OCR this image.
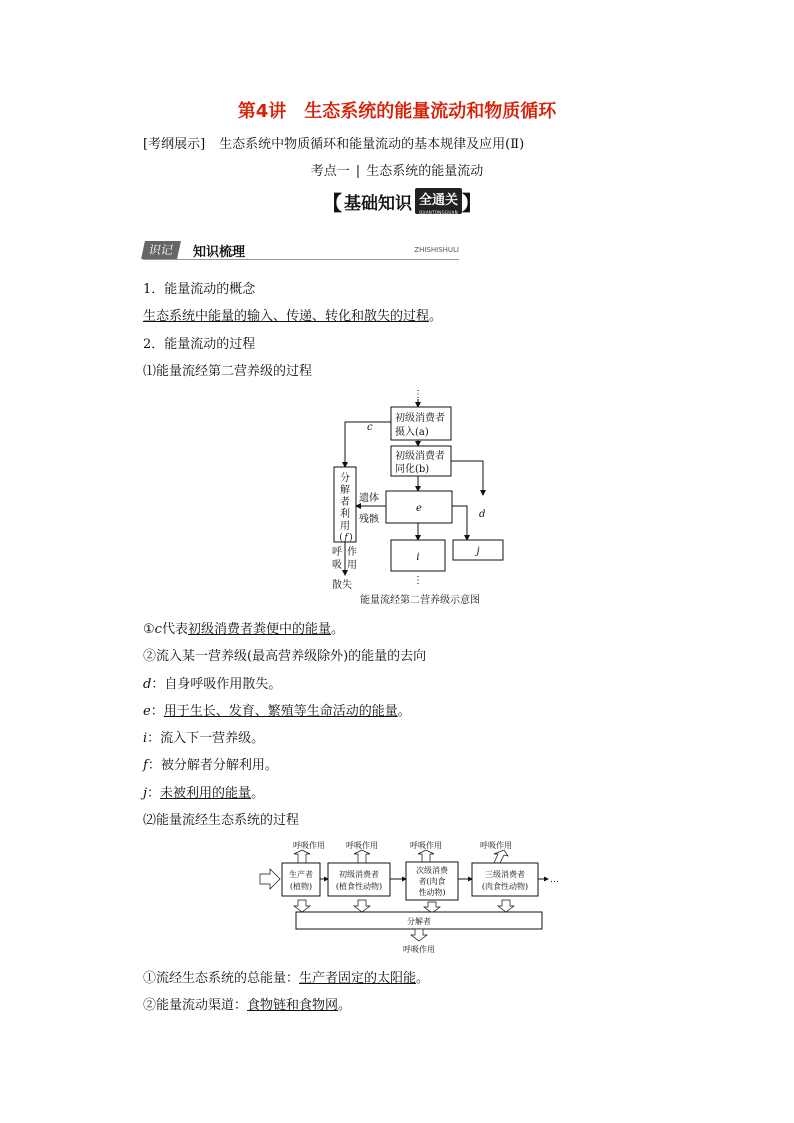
第4讲　生态系统的能量流动和物质循环
[考纲展示] 生态系统中物质循环和能量流动的基本规律及应用(Ⅱ)
考点一 | 生态系统的能量流动
【 基础知识 全通关
QUANTONGGUAN 】
识记	知识梳理	ZHISHISHULI
1．能量流动的概念
生态系统中能量的输入、传递、转化和散失的过程。
2．能量流动的过程
⑴能量流经第二营养级的过程
⋮
初级消费者
摄入(a)
初级消费者
同化(b)
c
d
分
解
者
利
用
( f )
e
遗体
残骸
j
i
⋮
呼
吸
作
用
散失
能量流经第二营养级示意图
①c代表初级消费者粪便中的能量。
②流入某一营养级(最高营养级除外)的能量的去向
d：自身呼吸作用散失。
e：用于生长、发育、繁殖等生命活动的能量。
i：流入下一营养级。
f：被分解者分解利用。
j：未被利用的能量。
⑵能量流经生态系统的过程
呼吸作用	呼吸作用	呼吸作用	呼吸作用
生产者
(植物)
初级消费者
(植食性动物)
次级消费
者(肉食
性动物)
三级消费者
(肉食性动物)
…
分解者
呼吸作用
①流经生态系统的总能量：生产者固定的太阳能。
②能量流动渠道：食物链和食物网。
